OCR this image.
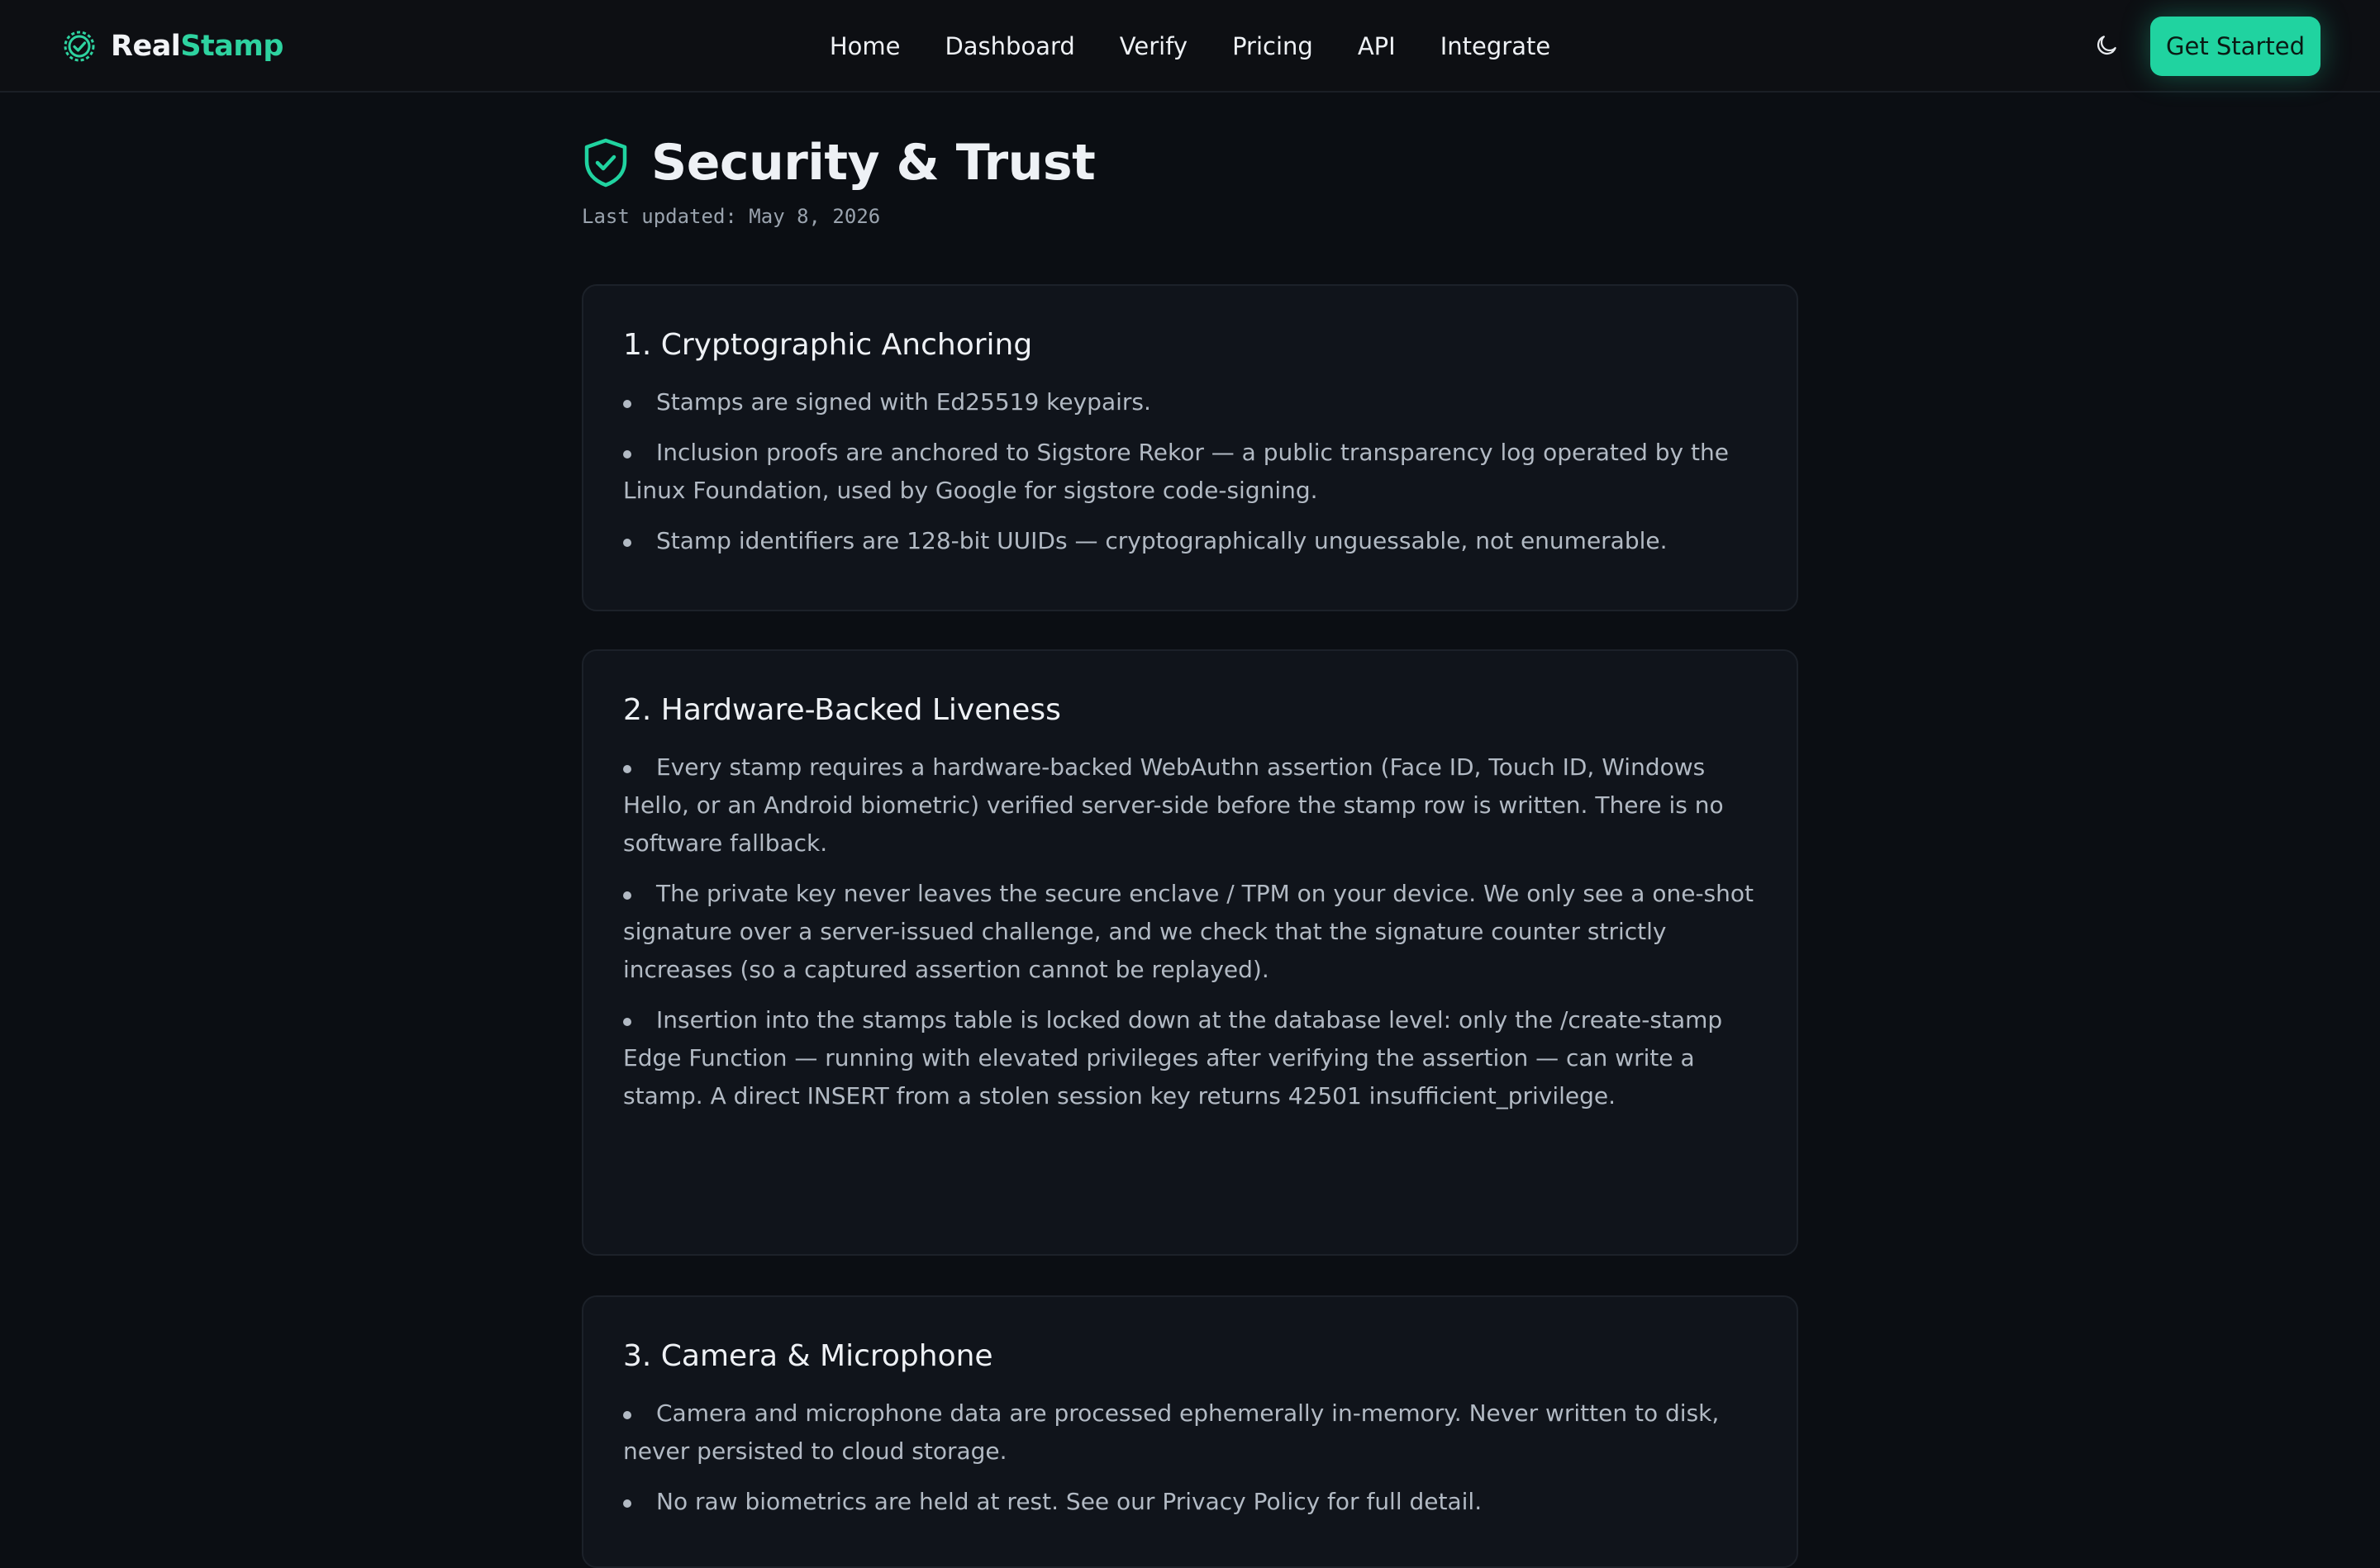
RealStamp	Home Dashboard Verify Pricing API Integrate	Get Started
Security & Trust
Last updated: May 8, 2026
1. Cryptographic Anchoring
Stamps are signed with Ed25519 keypairs.
Inclusion proofs are anchored to Sigstore Rekor — a public transparency log operated by the Linux Foundation, used by Google for sigstore code-signing.
Stamp identifiers are 128-bit UUIDs — cryptographically unguessable, not enumerable.
2. Hardware-Backed Liveness
Every stamp requires a hardware-backed WebAuthn assertion (Face ID, Touch ID, Windows Hello, or an Android biometric) verified server-side before the stamp row is written. There is no software fallback.
The private key never leaves the secure enclave / TPM on your device. We only see a one-shot signature over a server-issued challenge, and we check that the signature counter strictly increases (so a captured assertion cannot be replayed).
Insertion into the stamps table is locked down at the database level: only the /create-stamp Edge Function — running with elevated privileges after verifying the assertion — can write a stamp. A direct INSERT from a stolen session key returns 42501 insufficient_privilege.
3. Camera & Microphone
Camera and microphone data are processed ephemerally in-memory. Never written to disk, never persisted to cloud storage.
No raw biometrics are held at rest. See our Privacy Policy for full detail.
